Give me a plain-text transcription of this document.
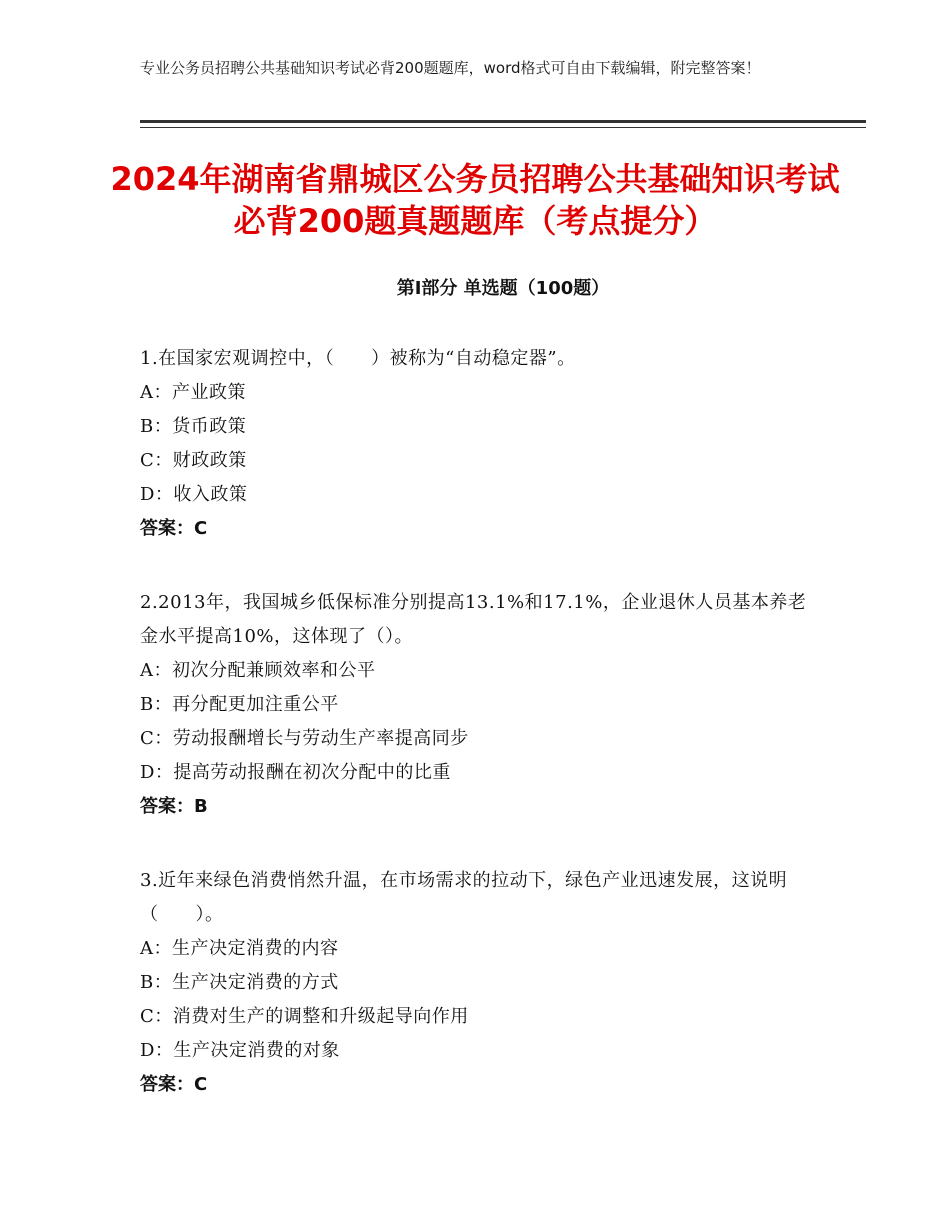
专业公务员招聘公共基础知识考试必背200题题库，word格式可自由下载编辑，附完整答案！
2024年湖南省鼎城区公务员招聘公共基础知识考试必背200题真题题库（考点提分）
第Ⅰ部分 单选题（100题）
1.在国家宏观调控中，（　　）被称为“自动稳定器”。
A：产业政策
B：货币政策
C：财政政策
D：收入政策
答案：C
2.2013年，我国城乡低保标准分别提高13.1%和17.1%，企业退休人员基本养老金水平提高10%，这体现了（）。
A：初次分配兼顾效率和公平
B：再分配更加注重公平
C：劳动报酬增长与劳动生产率提高同步
D：提高劳动报酬在初次分配中的比重
答案：B
3.近年来绿色消费悄然升温，在市场需求的拉动下，绿色产业迅速发展，这说明（　　）。
A：生产决定消费的内容
B：生产决定消费的方式
C：消费对生产的调整和升级起导向作用
D：生产决定消费的对象
答案：C
